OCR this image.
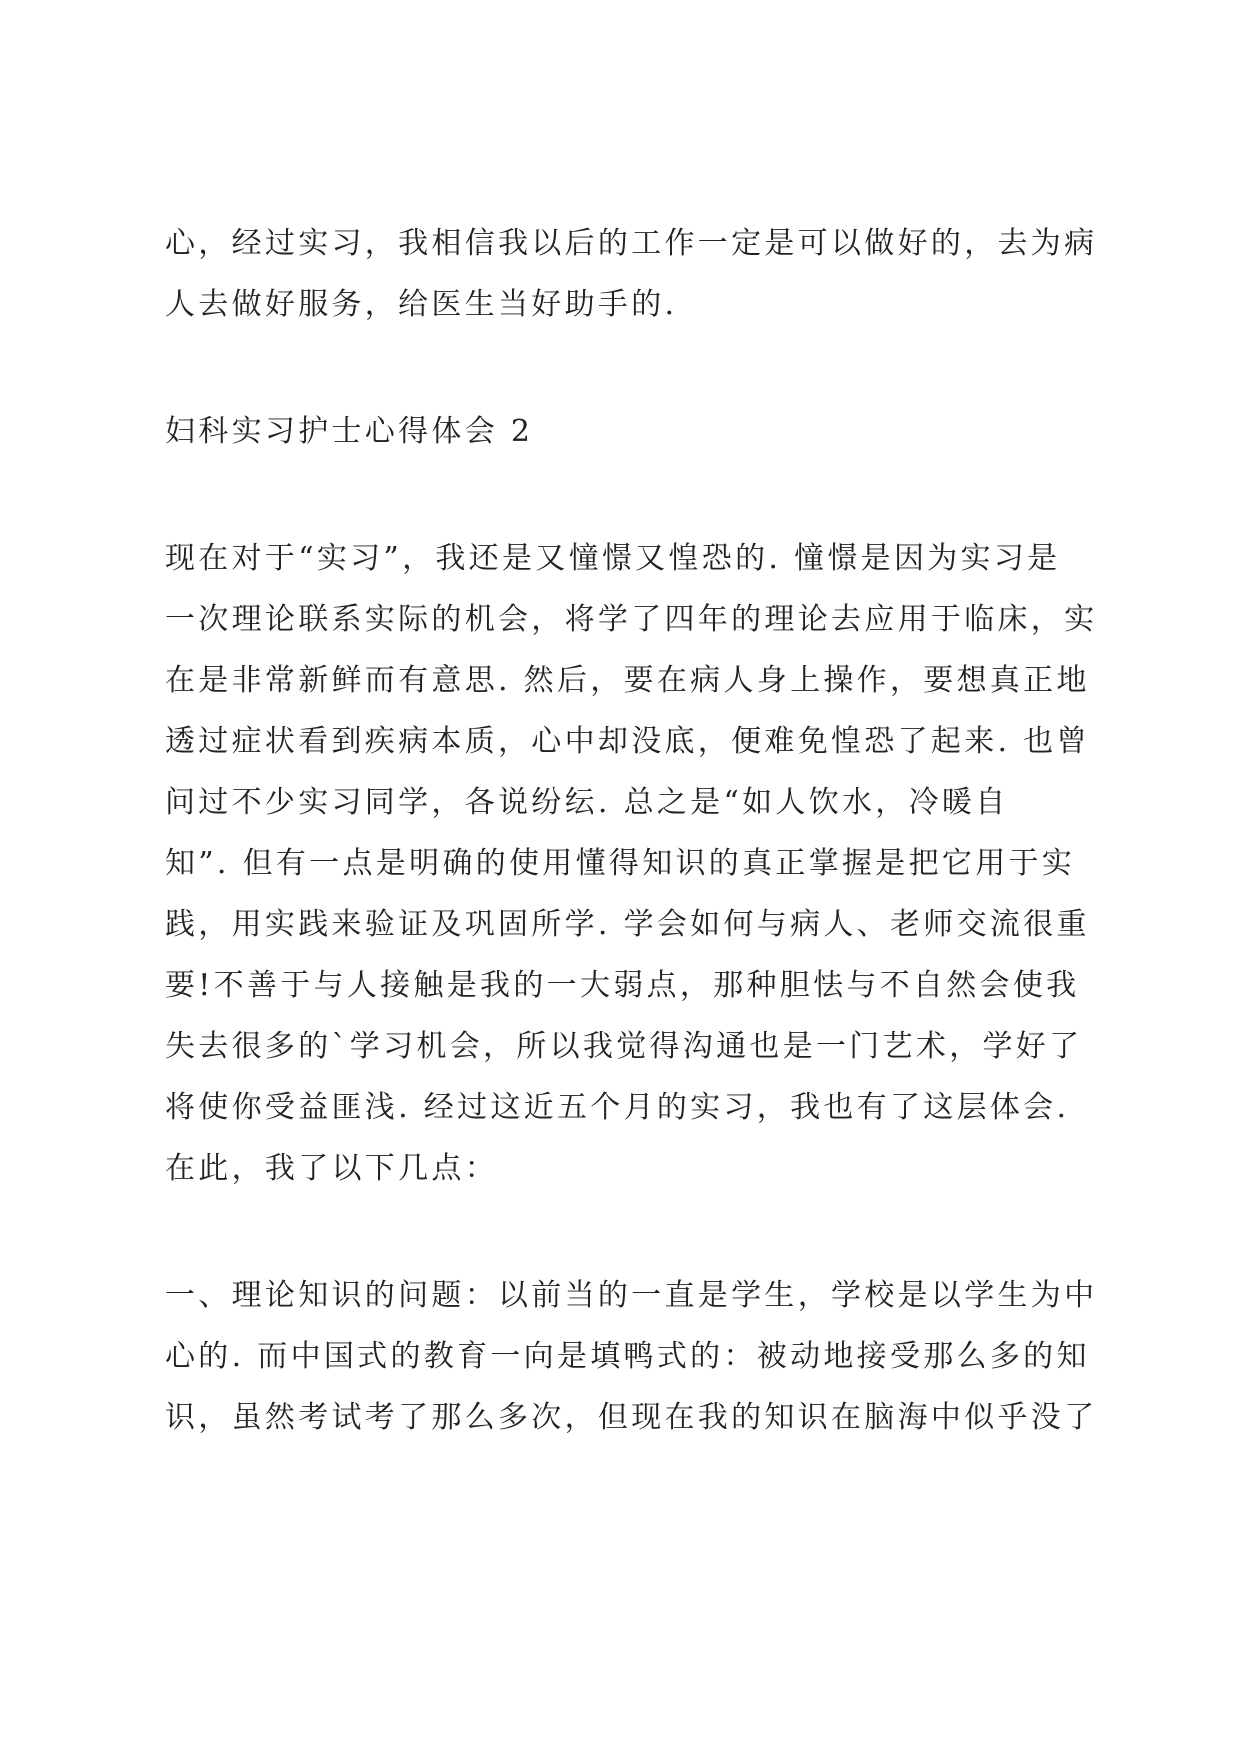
心，经过实习，我相信我以后的工作一定是可以做好的，去为病
人去做好服务，给医生当好助手的.
妇科实习护士心得体会 2
现在对于“实习”，我还是又憧憬又惶恐的. 憧憬是因为实习是
一次理论联系实际的机会，将学了四年的理论去应用于临床，实
在是非常新鲜而有意思. 然后，要在病人身上操作，要想真正地
透过症状看到疾病本质，心中却没底，便难免惶恐了起来. 也曾
问过不少实习同学，各说纷纭. 总之是“如人饮水，冷暖自
知”. 但有一点是明确的使用懂得知识的真正掌握是把它用于实
践，用实践来验证及巩固所学. 学会如何与病人、老师交流很重
要!不善于与人接触是我的一大弱点，那种胆怯与不自然会使我
失去很多的`学习机会，所以我觉得沟通也是一门艺术，学好了
将使你受益匪浅. 经过这近五个月的实习，我也有了这层体会.
在此，我了以下几点：
一、理论知识的问题：以前当的一直是学生，学校是以学生为中
心的. 而中国式的教育一向是填鸭式的：被动地接受那么多的知
识，虽然考试考了那么多次，但现在我的知识在脑海中似乎没了
